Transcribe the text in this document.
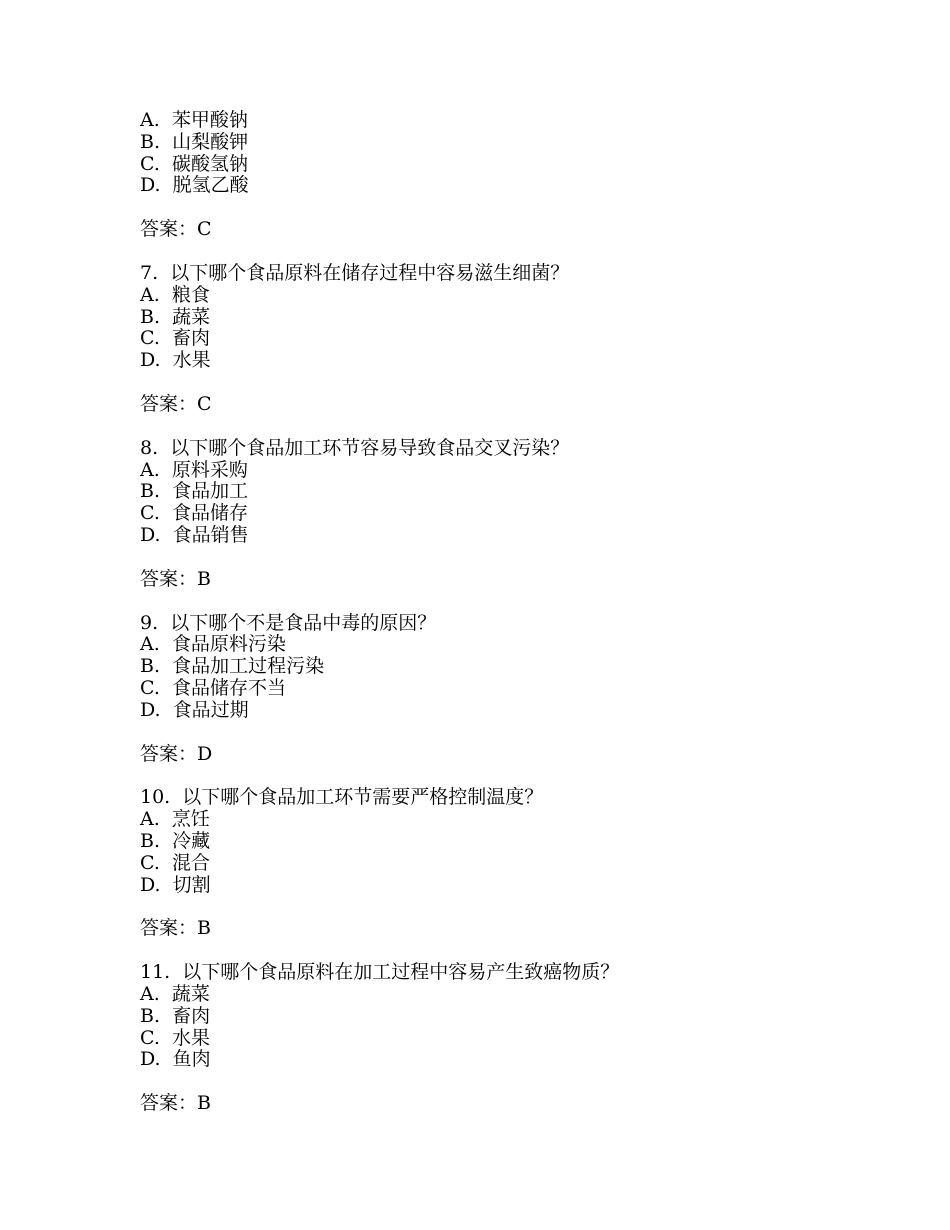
A.  苯甲酸钠
B.  山梨酸钾
C.  碳酸氢钠
D.  脱氢乙酸
答案：C
7.  以下哪个食品原料在储存过程中容易滋生细菌？
A.  粮食
B.  蔬菜
C.  畜肉
D.  水果
答案：C
8.  以下哪个食品加工环节容易导致食品交叉污染？
A.  原料采购
B.  食品加工
C.  食品储存
D.  食品销售
答案：B
9.  以下哪个不是食品中毒的原因？
A.  食品原料污染
B.  食品加工过程污染
C.  食品储存不当
D.  食品过期
答案：D
10.  以下哪个食品加工环节需要严格控制温度？
A.  烹饪
B.  冷藏
C.  混合
D.  切割
答案：B
11.  以下哪个食品原料在加工过程中容易产生致癌物质？
A.  蔬菜
B.  畜肉
C.  水果
D.  鱼肉
答案：B
